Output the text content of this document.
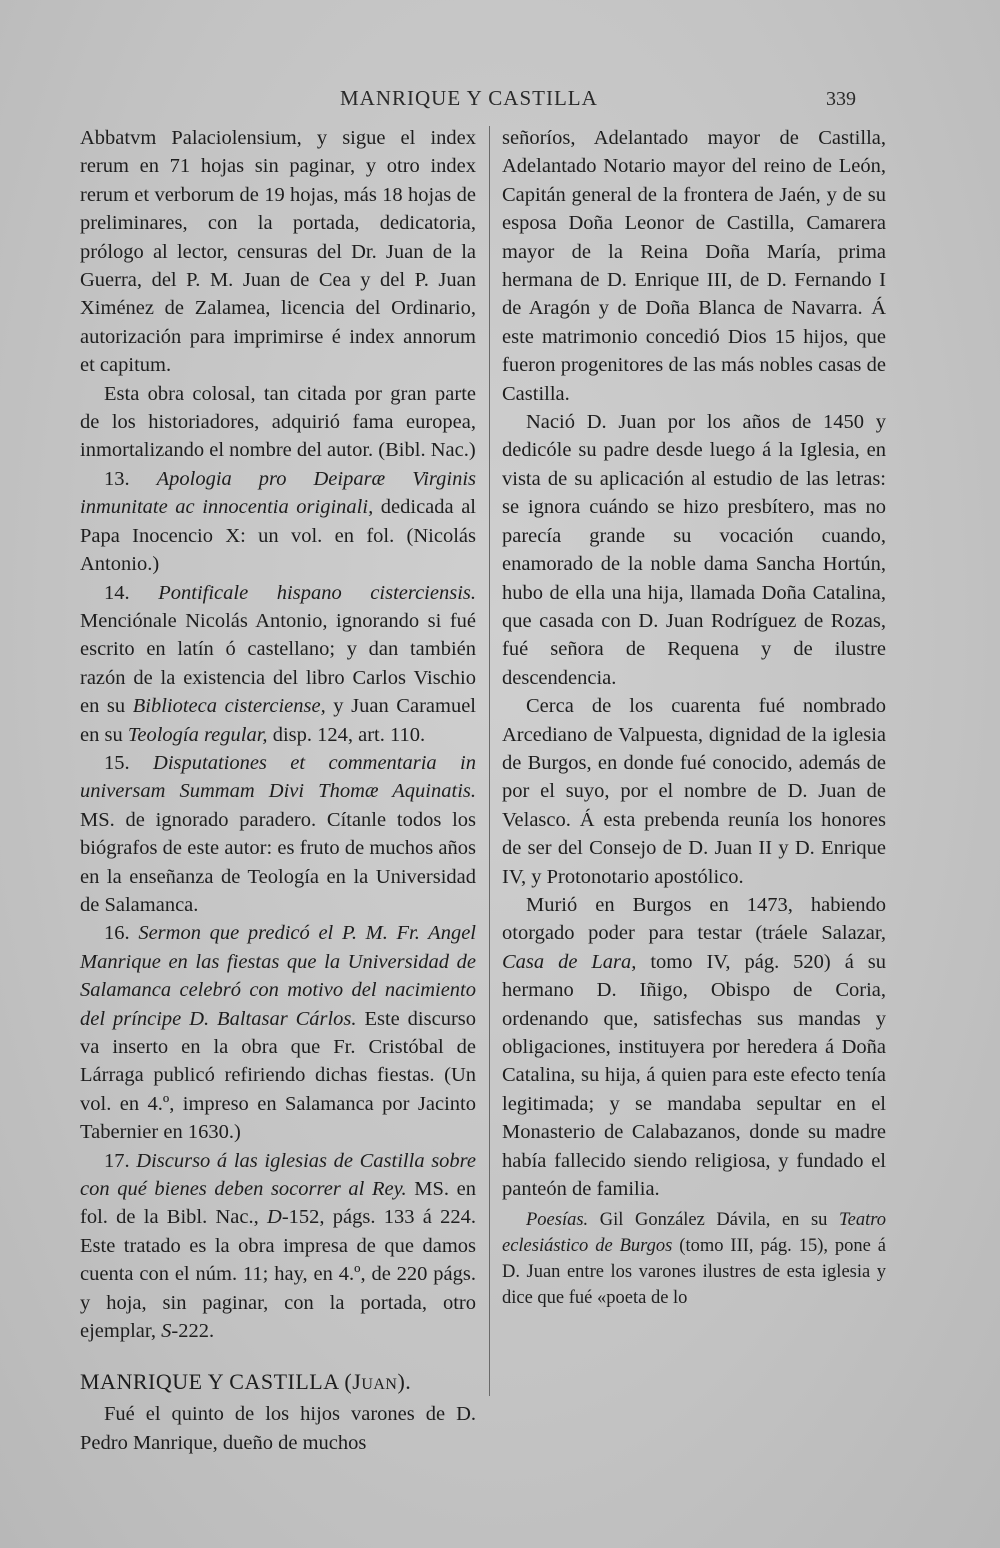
MANRIQUE Y CASTILLA	339

Abbatvm Palaciolensium, y sigue el index rerum en 71 hojas sin paginar, y otro index rerum et verborum de 19 hojas, más 18 hojas de preliminares, con la portada, dedicatoria, prólogo al lector, censuras del Dr. Juan de la Guerra, del P. M. Juan de Cea y del P. Juan Ximénez de Zalamea, licencia del Ordinario, autorización para imprimirse é index annorum et capitum.

Esta obra colosal, tan citada por gran parte de los historiadores, adquirió fama europea, inmortalizando el nombre del autor. (Bibl. Nac.)

13. Apologia pro Deiparæ Virginis inmunitate ac innocentia originali, dedicada al Papa Inocencio X: un vol. en fol. (Nicolás Antonio.)

14. Pontificale hispano cisterciensis. Menciónale Nicolás Antonio, ignorando si fué escrito en latín ó castellano; y dan también razón de la existencia del libro Carlos Vischio en su Biblioteca cisterciense, y Juan Caramuel en su Teología regular, disp. 124, art. 110.

15. Disputationes et commentaria in universam Summam Divi Thomæ Aquinatis. MS. de ignorado paradero. Cítanle todos los biógrafos de este autor: es fruto de muchos años en la enseñanza de Teología en la Universidad de Salamanca.

16. Sermon que predicó el P. M. Fr. Angel Manrique en las fiestas que la Universidad de Salamanca celebró con motivo del nacimiento del príncipe D. Baltasar Cárlos. Este discurso va inserto en la obra que Fr. Cristóbal de Lárraga publicó refiriendo dichas fiestas. (Un vol. en 4.º, impreso en Salamanca por Jacinto Tabernier en 1630.)

17. Discurso á las iglesias de Castilla sobre con qué bienes deben socorrer al Rey. MS. en fol. de la Bibl. Nac., D-152, págs. 133 á 224. Este tratado es la obra impresa de que damos cuenta con el núm. 11; hay, en 4.º, de 220 págs. y hoja, sin paginar, con la portada, otro ejemplar, S-222.

MANRIQUE Y CASTILLA (JUAN).

Fué el quinto de los hijos varones de D. Pedro Manrique, dueño de muchos

señoríos, Adelantado mayor de Castilla, Adelantado Notario mayor del reino de León, Capitán general de la frontera de Jaén, y de su esposa Doña Leonor de Castilla, Camarera mayor de la Reina Doña María, prima hermana de D. Enrique III, de D. Fernando I de Aragón y de Doña Blanca de Navarra. Á este matrimonio concedió Dios 15 hijos, que fueron progenitores de las más nobles casas de Castilla.

Nació D. Juan por los años de 1450 y dedicóle su padre desde luego á la Iglesia, en vista de su aplicación al estudio de las letras: se ignora cuándo se hizo presbítero, mas no parecía grande su vocación cuando, enamorado de la noble dama Sancha Hortún, hubo de ella una hija, llamada Doña Catalina, que casada con D. Juan Rodríguez de Rozas, fué señora de Requena y de ilustre descendencia.

Cerca de los cuarenta fué nombrado Arcediano de Valpuesta, dignidad de la iglesia de Burgos, en donde fué conocido, además de por el suyo, por el nombre de D. Juan de Velasco. Á esta prebenda reunía los honores de ser del Consejo de D. Juan II y D. Enrique IV, y Protonotario apostólico.

Murió en Burgos en 1473, habiendo otorgado poder para testar (tráele Salazar, Casa de Lara, tomo IV, pág. 520) á su hermano D. Iñigo, Obispo de Coria, ordenando que, satisfechas sus mandas y obligaciones, instituyera por heredera á Doña Catalina, su hija, á quien para este efecto tenía legitimada; y se mandaba sepultar en el Monasterio de Calabazanos, donde su madre había fallecido siendo religiosa, y fundado el panteón de familia.

Poesías. Gil González Dávila, en su Teatro eclesiástico de Burgos (tomo III, pág. 15), pone á D. Juan entre los varones ilustres de esta iglesia y dice que fué «poeta de lo
